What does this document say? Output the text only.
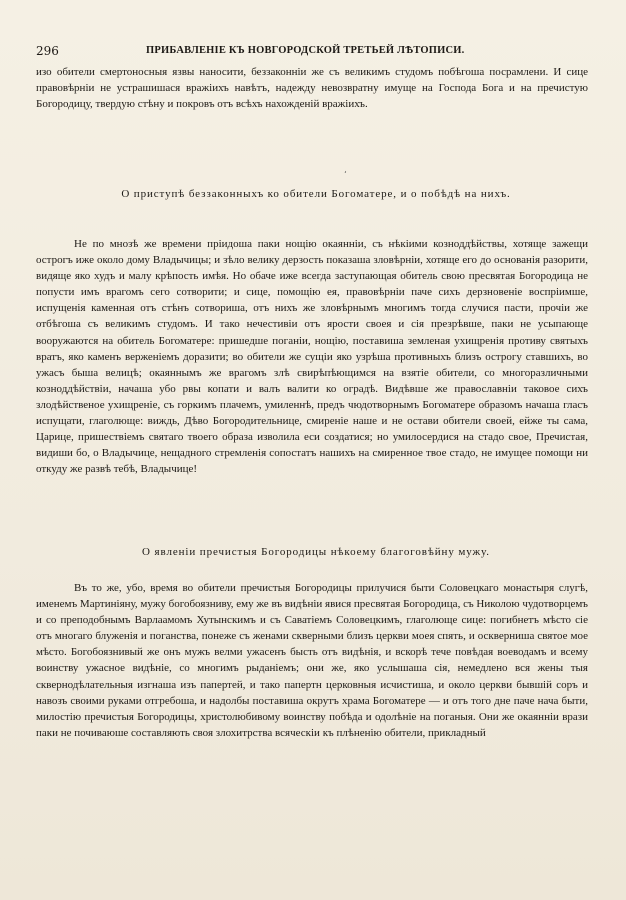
296	ПРИБАВЛЕНІЕ КЪ НОВГОРОДСКОЙ ТРЕТЬЕЙ ЛѢТОПИСИ.

изо обители смертоносныя язвы наносити, беззаконніи же съ великимъ студомъ побѣгоша посрамлени. И сице правовѣрніи не устрашишася вражіихъ навѣтъ, надежду невозвратну имуще на Господа Бога и на пречистую Богородицу, твердую стѣну и покровъ отъ всѣхъ нахожденій вражіихъ.

‘
О приступѣ беззаконныхъ ко обители Богоматере, и о побѣдѣ на нихъ.

Не по мнозѣ же времени пріидоша паки нощію окаянніи, съ нѣкіими козноддѣйствы, хотяще зажещи острогъ иже около дому Владычицы; и зѣло велику дерзость показаша зловѣрніи, хотяще его до основанія разорити, видяще яко худъ и малу крѣпость имѣя. Но обаче иже всегда заступающая обитель свою пресвятая Богородица не попусти имъ врагомъ сего сотворити; и сице, помощію ея, правовѣрніи паче сихъ дерзновеніе воспріимше, испущенія каменная отъ стѣнъ сотвориша, отъ нихъ же зловѣрнымъ многимъ тогда случися пасти, прочіи же отбѣгоша съ великимъ студомъ. И тако нечестивіи отъ ярости своея и сія презрѣвше, паки не усыпающе вооружаются на обитель Богоматере: пришедше поганіи, нощію, поставиша земленая ухищренія противу святыхъ вратъ, яко каменъ верженіемъ доразити; во обители же сущіи яко узрѣша противныхъ близъ острогу ставшихъ, во ужасъ быша велицѣ; окаяннымъ же врагомъ злѣ свирѣпѣющимся на взятіе обители, со многоразличными козноддѣйствіи, начаша убо рвы копати и валъ валити ко оградѣ. Видѣвше же православніи таковое сихъ злодѣйственое ухищреніе, съ горкимъ плачемъ, умиленнѣ, предъ чюдотворнымъ Богоматере образомъ начаша гласъ испущати, глаголюще: виждь, Дѣво Богородительнице, смиреніе наше и не остави обители своей, ейже ты сама, Царице, пришествіемъ святаго твоего образа изволила еси создатися; но умилосердися на стадо свое, Пречистая, видиши бо, о Владычице, нещадного стремленія сопостатъ нашихъ на смиренное твое стадо, не имущее помощи ни откуду же развѣ тебѣ, Владычице!

О явленіи пречистыя Богородицы нѣкоему благоговѣйну мужу.

Въ то же, убо, время во обители пречистыя Богородицы прилучися быти Соловецкаго монастыря слугѣ, именемъ Мартиніяну, мужу богобоязниву, ему же въ видѣніи явися пресвятая Богородица, съ Николою чудотворцемъ и со преподобнымъ Варлаамомъ Хутынскимъ и съ Саватіемъ Соловецкимъ, глаголюще сице: погибнетъ мѣсто сіе отъ многаго блуженія и поганства, понеже съ женами скверными близъ церкви моея спять, и оскверниша святое мое мѣсто. Богобоязнивый же онъ мужъ велми ужасенъ бысть отъ видѣнія, и вскорѣ тече повѣдая воеводамъ и всему воинству ужасное видѣніе, со многимъ рыданіемъ; они же, яко услышаша сія, немедлено вся жены тыя сквернодѣлательныя изгнаша изъ папертей, и тако папертн церковныя исчистиша, и около церкви бывшій соръ и навозъ своими руками отгребоша, и надолбы поставиша окрутъ храма Богоматере — и отъ того дне паче нача быти, милостію пречистыя Богородицы, христолюбивому воинству побѣда и одолѣніе на поганыя. Они же окаянніи врази паки не почиваюше составляють своя злохитрства всяческіи къ плѣненію обители, прикладный
